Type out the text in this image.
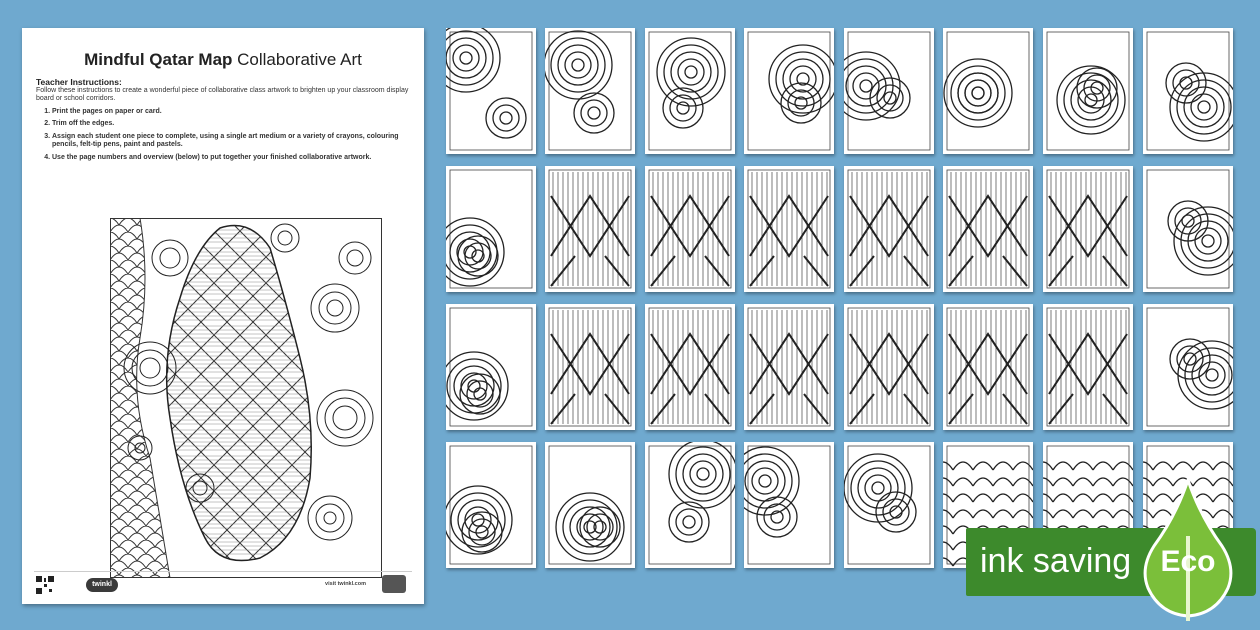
Mindful Qatar Map Collaborative Art
Teacher Instructions:
Follow these instructions to create a wonderful piece of collaborative class artwork to brighten up your classroom display board or school corridors.
1. Print the pages on paper or card.
2. Trim off the edges.
3. Assign each student one piece to complete, using a single art medium or a variety of crayons, colouring pencils, felt-tip pens, paint and pastels.
4. Use the page numbers and overview (below) to put together your finished collaborative artwork.
twinkl	visit twinkl.com
ink saving Eco
